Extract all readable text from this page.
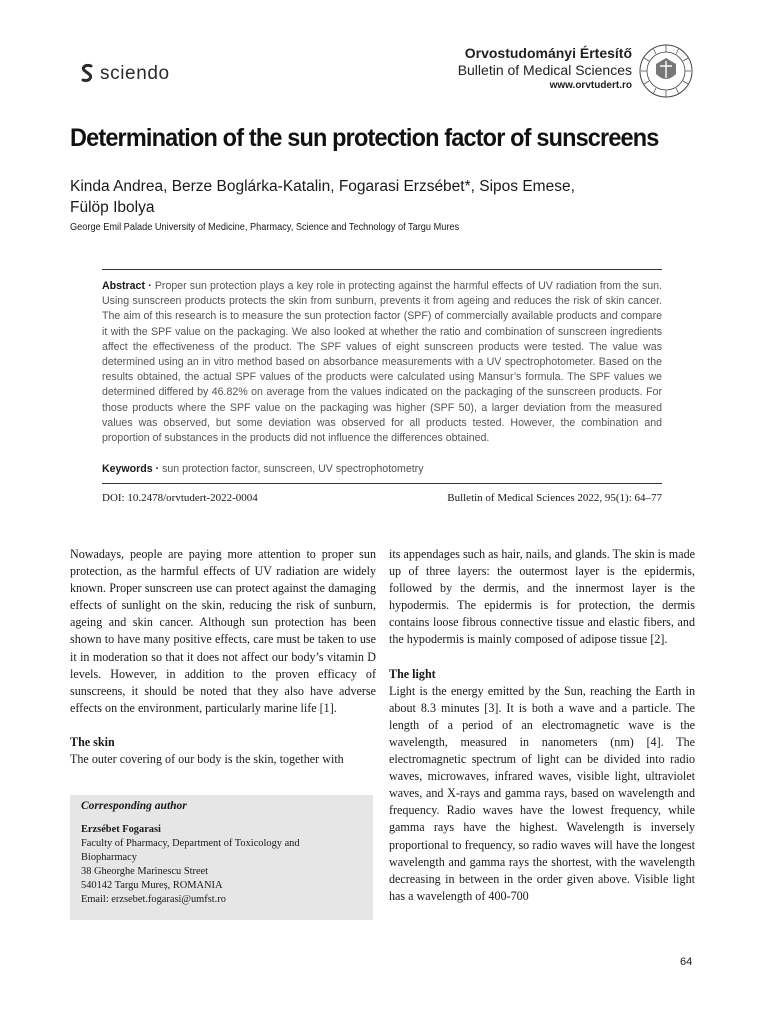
sciendo
Orvostudományi Értesítő
Bulletin of Medical Sciences
www.orvtudert.ro
Determination of the sun protection factor of sunscreens
Kinda Andrea, Berze Boglárka-Katalin, Fogarasi Erzsébet*, Sipos Emese,
Fülöp Ibolya
George Emil Palade University of Medicine, Pharmacy, Science and Technology of Targu Mures
Abstract · Proper sun protection plays a key role in protecting against the harmful effects of UV radiation from the sun. Using sunscreen products protects the skin from sunburn, prevents it from ageing and reduces the risk of skin cancer. The aim of this research is to measure the sun protection factor (SPF) of commercially available products and compare it with the SPF value on the packaging. We also looked at whether the ratio and combination of sunscreen ingredients affect the effectiveness of the product. The SPF values of eight sunscreen products were tested. The value was determined using an in vitro method based on absorbance measurements with a UV spectrophotometer. Based on the results obtained, the actual SPF values of the products were calculated using Mansur’s formula. The SPF values we determined differed by 46.82% on average from the values indicated on the packaging of the sunscreen products. For those products where the SPF value on the packaging was higher (SPF 50), a larger deviation from the measured values was observed, but some deviation was observed for all products tested. However, the combination and proportion of substances in the products did not influence the differences obtained.
Keywords · sun protection factor, sunscreen, UV spectrophotometry
DOI: 10.2478/orvtudert-2022-0004	Bulletin of Medical Sciences 2022, 95(1): 64–77

Nowadays, people are paying more attention to proper sun protection, as the harmful effects of UV radiation are widely known. Proper sunscreen use can protect against the damaging effects of sunlight on the skin, reducing the risk of sunburn, ageing and skin cancer. Although sun protection has been shown to have many positive effects, care must be taken to use it in moderation so that it does not affect our body’s vitamin D levels. However, in addition to the proven efficacy of sunscreens, it should be noted that they also have adverse effects on the environment, particularly marine life [1].

The skin

The outer covering of our body is the skin, together with

its appendages such as hair, nails, and glands. The skin is made up of three layers: the outermost layer is the epidermis, followed by the dermis, and the innermost layer is the hypodermis. The epidermis is for protection, the dermis contains loose fibrous connective tissue and elastic fibers, and the hypodermis is mainly composed of adipose tissue [2].

The light

Light is the energy emitted by the Sun, reaching the Earth in about 8.3 minutes [3]. It is both a wave and a particle. The length of a period of an electromagnetic wave is the wavelength, measured in nanometers (nm) [4]. The electromagnetic spectrum of light can be divided into radio waves, microwaves, infrared waves, visible light, ultraviolet waves, and X-rays and gamma rays, based on wavelength and frequency. Radio waves have the lowest frequency, while gamma rays have the highest. Wavelength is inversely proportional to frequency, so radio waves will have the longest wavelength and gamma rays the shortest, with the wavelength decreasing in between in the order given above. Visible light has a wavelength of 400-700

Corresponding author
Erzsébet Fogarasi
Faculty of Pharmacy, Department of Toxicology and
Biopharmacy
38 Gheorghe Marinescu Street
540142 Targu Mureș, ROMANIA
Email: erzsebet.fogarasi@umfst.ro
64
